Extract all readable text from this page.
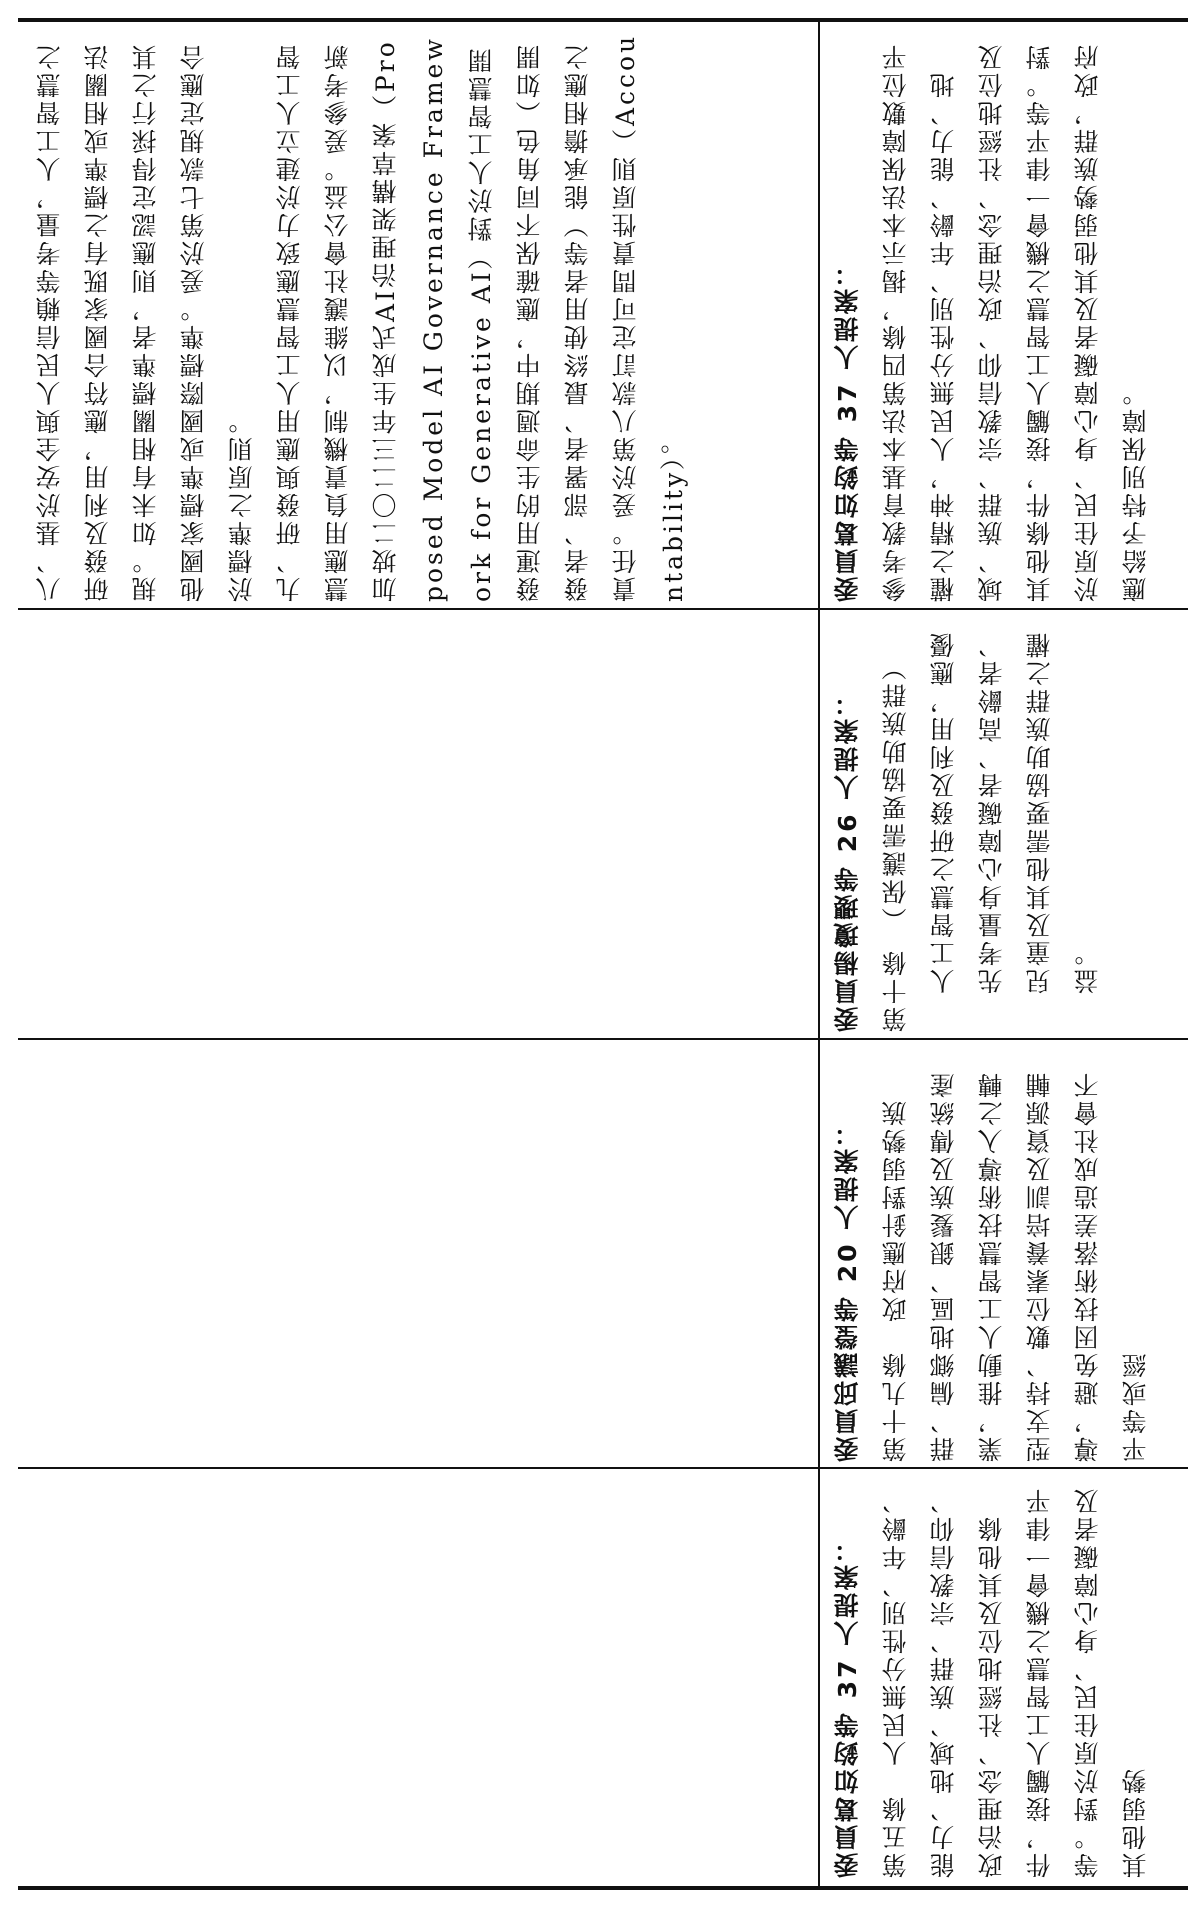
委員葛如鈞等 37 人提案： 第五條　人民無分性別、年齡、能力、地域、族群、宗教信仰、政治理念、社經地位及其他條件，接觸人工智慧之機會一律平等。對於原住民、身心障礙者及其他弱勢

委員邱議瑩等 20 人提案： 第十九條　政府應針對弱勢族群、偏鄉地區、銀髮族及傳統產業，推動人工智慧技術導入之轉型支持、數位素養培訓及資源輔導，避免因技術落差造成社會不平等或經

委員楊瓊瓔等 26 人提案： 第十條　（保護需要協助族群） 人工智慧之研發及利用，應優先考量身心障礙者、高齡者、兒童及其他需要協助族群之權益。

委員葛如鈞等 37 人提案： 參考教育基本法第四條，揭示本法保障數位平權之精神，人民無分性別、年齡、能力、地域、族群、宗教信仰、政治理念、社經地位及其他條件，接觸人工智慧之機會一律平等。對於原住民、身心障礙者及其他弱勢族群，政府應給予特別保障。

八、基於安全與人民信賴等考量，人工智慧之研發及利用，應符合國家既有之標準或相關法規。如未有相關標準者，則應認定得採行之其他國家標準或國際標準。爰於第七款規定應合於標準之原則。 九、研發與應用人工智慧應致力於建立人工智慧應用負責機制，以維護社會公益。爰參考新加坡二〇二三年生成式AI治理架構草案（Proposed Model AI Governance Framework for Generative AI）對於人工智慧開發運用的生命週期中，應確保不同角色（如開發者、部署者、最終使用者等）能承擔相應之責任。爰於第八款訂定可問責性原則（Accountability）。
